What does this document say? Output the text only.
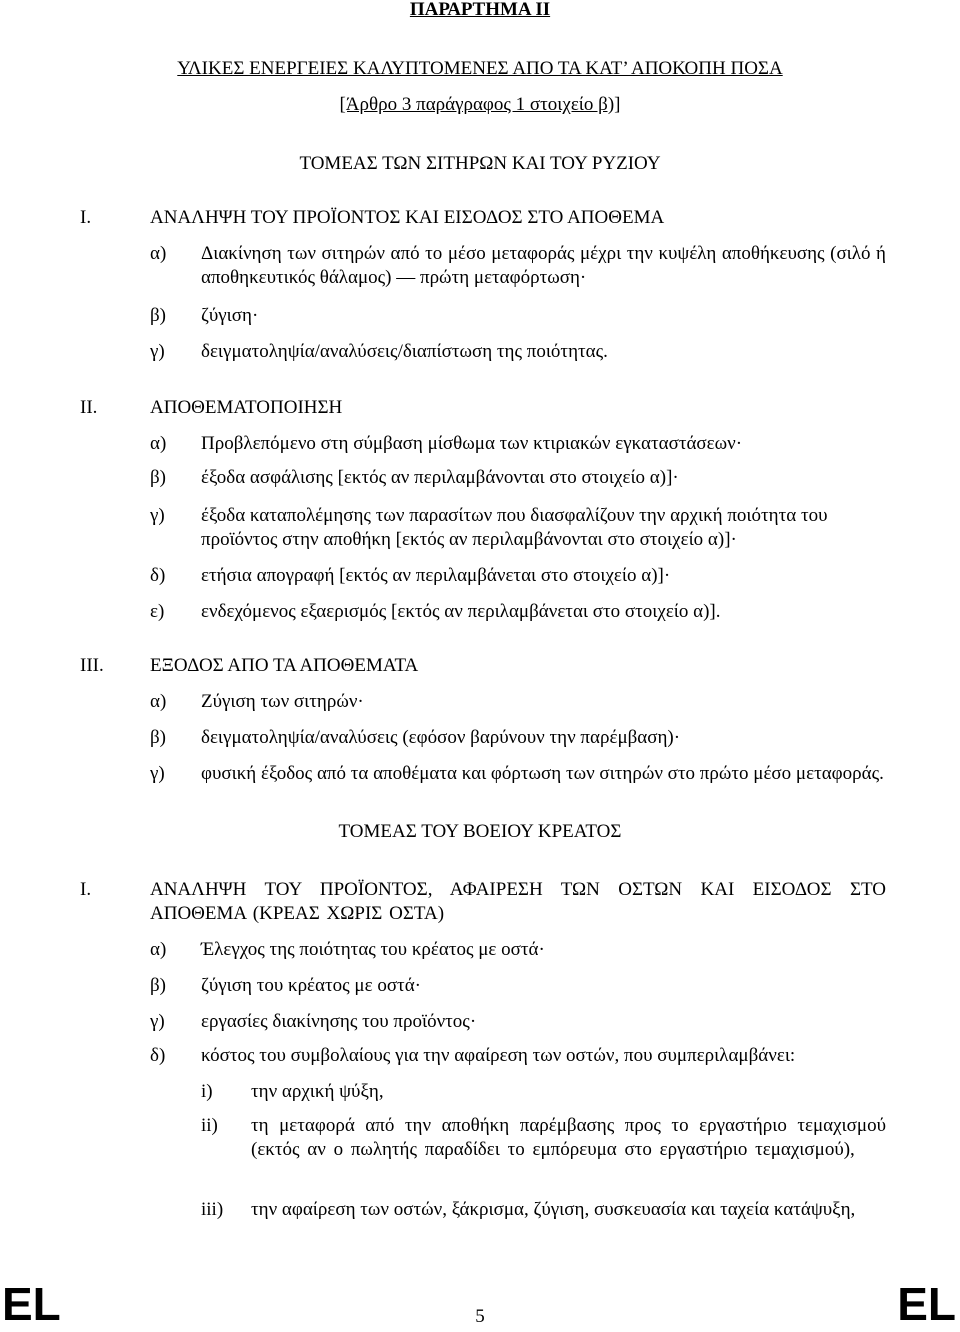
ΠΑΡΑΡΤΗΜΑ ΙΙ

ΥΛΙΚΕΣ ΕΝΕΡΓΕΙΕΣ ΚΑΛΥΠΤΟΜΕΝΕΣ ΑΠΟ ΤΑ ΚΑΤ’ ΑΠΟΚΟΠΗ ΠΟΣΑ

[Άρθρο 3 παράγραφος 1 στοιχείο β)]

ΤΟΜΕΑΣ ΤΩΝ ΣΙΤΗΡΩΝ ΚΑΙ ΤΟΥ ΡΥΖΙΟΥ

I.	ΑΝΑΛΗΨΗ ΤΟΥ ΠΡΟΪΟΝΤΟΣ ΚΑΙ ΕΙΣΟΔΟΣ ΣΤΟ ΑΠΟΘΕΜΑ

α) Διακίνηση των σιτηρών από το μέσο μεταφοράς μέχρι την κυψέλη αποθήκευσης (σιλό ή αποθηκευτικός θάλαμος) — πρώτη μεταφόρτωση·

β) ζύγιση·

γ) δειγματοληψία/αναλύσεις/διαπίστωση της ποιότητας.

II.	ΑΠΟΘΕΜΑΤΟΠΟΙΗΣΗ

α) Προβλεπόμενο στη σύμβαση μίσθωμα των κτιριακών εγκαταστάσεων·

β) έξοδα ασφάλισης [εκτός αν περιλαμβάνονται στο στοιχείο α)]·

γ) έξοδα καταπολέμησης των παρασίτων που διασφαλίζουν την αρχική ποιότητα του προϊόντος στην αποθήκη [εκτός αν περιλαμβάνονται στο στοιχείο α)]·

δ) ετήσια απογραφή [εκτός αν περιλαμβάνεται στο στοιχείο α)]·

ε) ενδεχόμενος εξαερισμός [εκτός αν περιλαμβάνεται στο στοιχείο α)].

III. ΕΞΟΔΟΣ ΑΠΟ ΤΑ ΑΠΟΘΕΜΑΤΑ

α) Ζύγιση των σιτηρών·

β) δειγματοληψία/αναλύσεις (εφόσον βαρύνουν την παρέμβαση)·

γ) φυσική έξοδος από τα αποθέματα και φόρτωση των σιτηρών στο πρώτο μέσο μεταφοράς.

ΤΟΜΕΑΣ ΤΟΥ ΒΟΕΙΟΥ ΚΡΕΑΤΟΣ

I.	ΑΝΑΛΗΨΗ ΤΟΥ ΠΡΟΪΟΝΤΟΣ, ΑΦΑΙΡΕΣΗ ΤΩΝ ΟΣΤΩΝ ΚΑΙ ΕΙΣΟΔΟΣ ΣΤΟ ΑΠΟΘΕΜΑ (ΚΡΕΑΣ ΧΩΡΙΣ ΟΣΤΑ)

α) Έλεγχος της ποιότητας του κρέατος με οστά·

β) ζύγιση του κρέατος με οστά·

γ) εργασίες διακίνησης του προϊόντος·

δ) κόστος του συμβολαίους για την αφαίρεση των οστών, που συμπεριλαμβάνει:

i) την αρχική ψύξη,

ii) τη μεταφορά από την αποθήκη παρέμβασης προς το εργαστήριο τεμαχισμού (εκτός αν ο πωλητής παραδίδει το εμπόρευμα στο εργαστήριο τεμαχισμού),

iii) την αφαίρεση των οστών, ξάκρισμα, ζύγιση, συσκευασία και ταχεία κατάψυξη,

EL	5	EL
